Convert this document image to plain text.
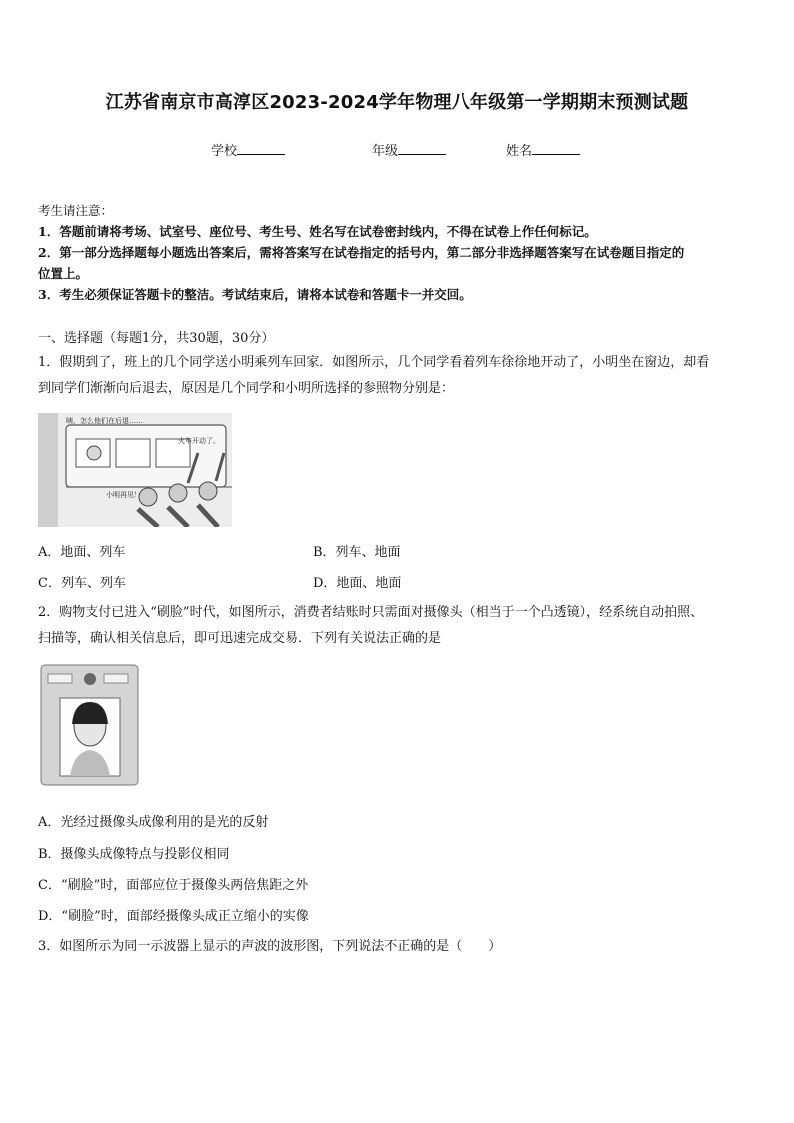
江苏省南京市高淳区2023-2024学年物理八年级第一学期期末预测试题
学校	年级	姓名
考生请注意：
1．答题前请将考场、试室号、座位号、考生号、姓名写在试卷密封线内，不得在试卷上作任何标记。
2．第一部分选择题每小题选出答案后，需将答案写在试卷指定的括号内，第二部分非选择题答案写在试卷题目指定的
位置上。
3．考生必须保证答题卡的整洁。考试结束后，请将本试卷和答题卡一并交回。
一、选择题（每题1分，共30题，30分）
1．假期到了，班上的几个同学送小明乘列车回家．如图所示，几个同学看着列车徐徐地开动了，小明坐在窗边，却看
到同学们渐渐向后退去，原因是几个同学和小明所选择的参照物分别是：
咦，怎么他们在后退……
火车开动了。
小明再见！
A．地面、列车	B．列车、地面
C．列车、列车	D．地面、地面
2．购物支付已进入“刷脸”时代，如图所示，消费者结账时只需面对摄像头（相当于一个凸透镜），经系统自动拍照、
扫描等，确认相关信息后，即可迅速完成交易．下列有关说法正确的是
A．光经过摄像头成像利用的是光的反射
B．摄像头成像特点与投影仪相同
C．“刷脸”时，面部应位于摄像头两倍焦距之外
D．“刷脸”时，面部经摄像头成正立缩小的实像
3．如图所示为同一示波器上显示的声波的波形图，下列说法不正确的是（　　）
